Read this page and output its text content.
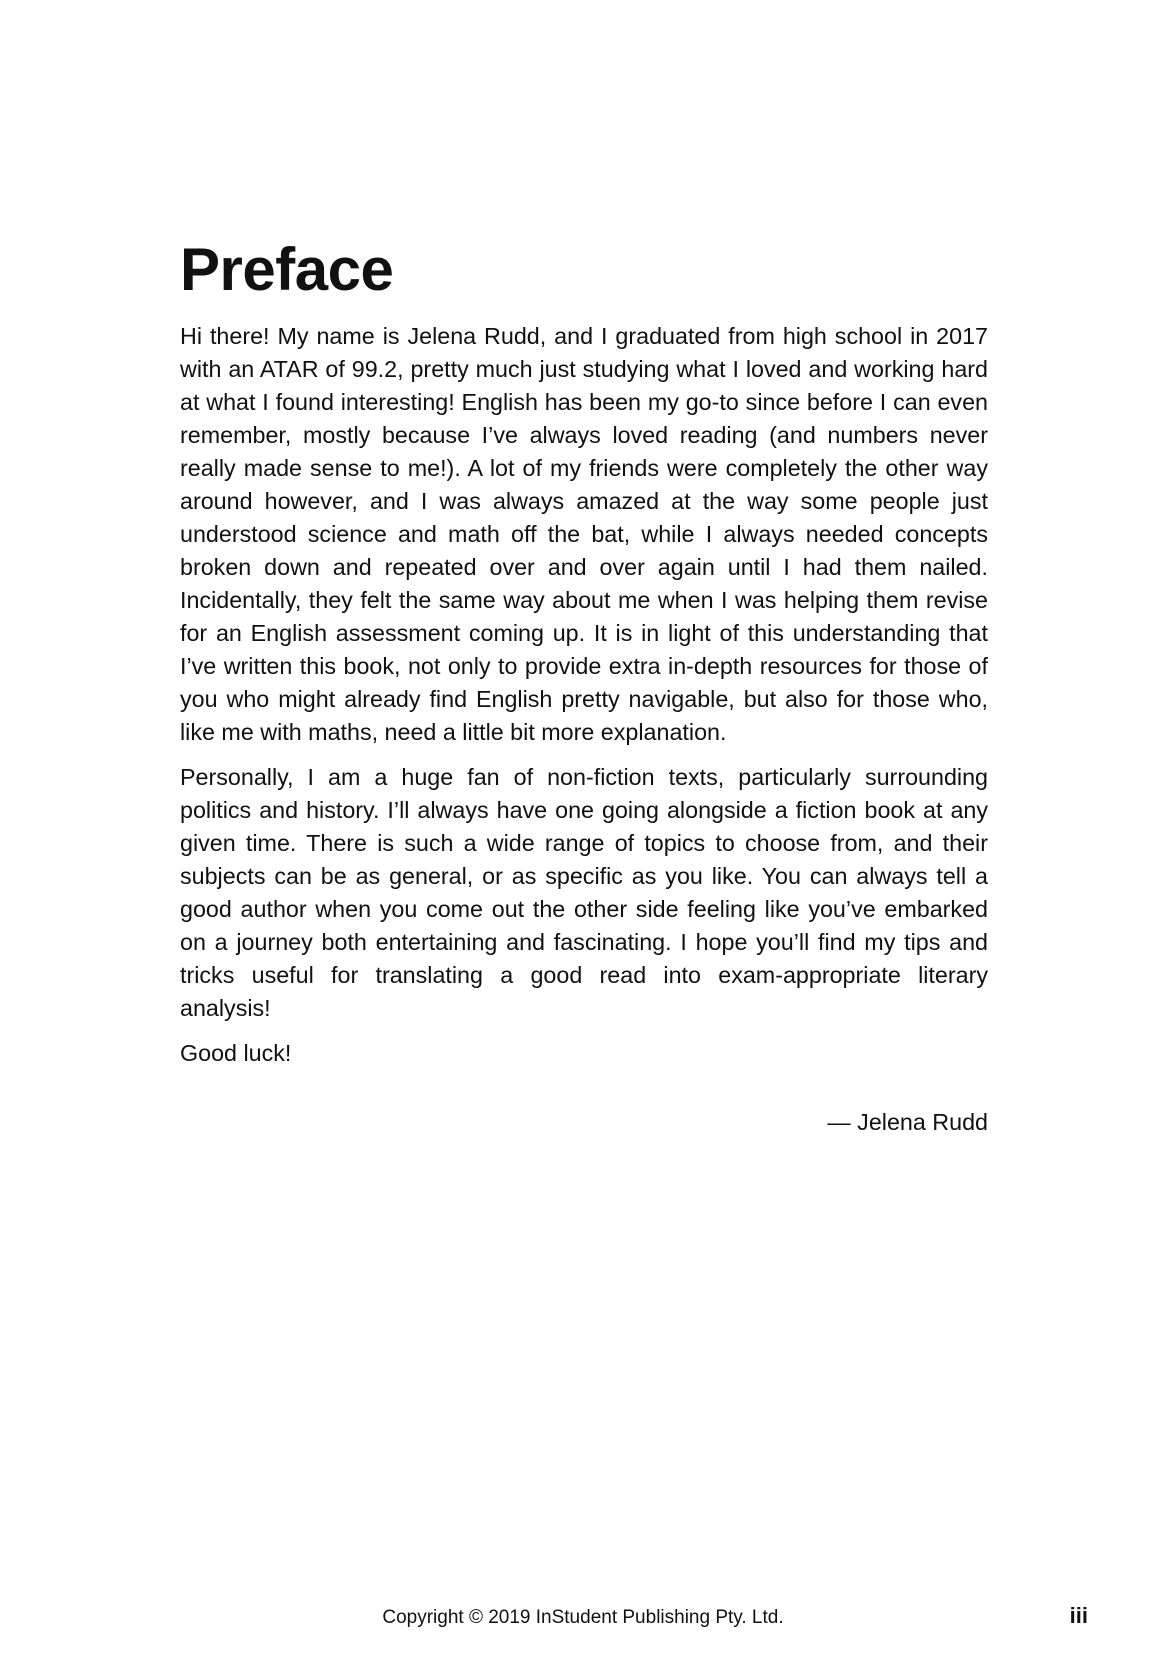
Preface

Hi there! My name is Jelena Rudd, and I graduated from high school in 2017 with an ATAR of 99.2, pretty much just studying what I loved and working hard at what I found interesting! English has been my go-to since before I can even remember, mostly because I’ve always loved reading (and numbers never really made sense to me!). A lot of my friends were completely the other way around however, and I was always amazed at the way some people just understood science and math off the bat, while I always needed concepts broken down and repeated over and over again until I had them nailed. Incidentally, they felt the same way about me when I was helping them revise for an English assessment coming up. It is in light of this understanding that I’ve written this book, not only to provide extra in-depth resources for those of you who might already find English pretty navigable, but also for those who, like me with maths, need a little bit more explanation.

Personally, I am a huge fan of non-fiction texts, particularly surrounding politics and history. I’ll always have one going alongside a fiction book at any given time. There is such a wide range of topics to choose from, and their subjects can be as general, or as specific as you like. You can always tell a good author when you come out the other side feeling like you’ve embarked on a journey both entertaining and fascinating. I hope you’ll find my tips and tricks useful for translating a good read into exam-appropriate literary analysis!

Good luck!

— Jelena Rudd

Copyright © 2019 InStudent Publishing Pty. Ltd.	iii
